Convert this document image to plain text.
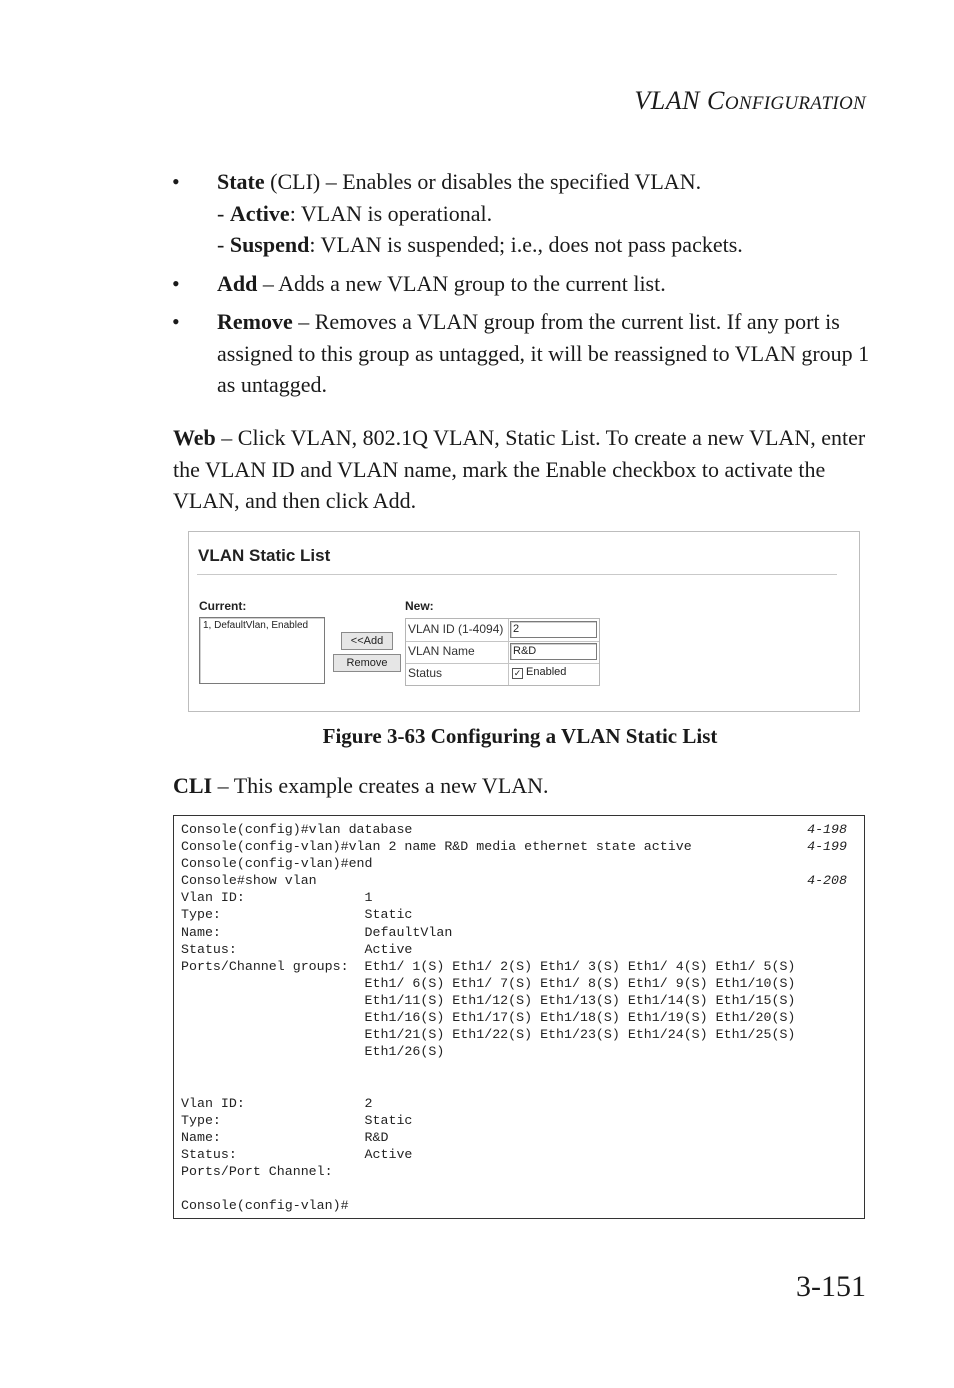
VLAN CONFIGURATION
• State (CLI) – Enables or disables the specified VLAN.
- Active: VLAN is operational.
- Suspend: VLAN is suspended; i.e., does not pass packets.
• Add – Adds a new VLAN group to the current list.
• Remove – Removes a VLAN group from the current list. If any port is assigned to this group as untagged, it will be reassigned to VLAN group 1 as untagged.
Web – Click VLAN, 802.1Q VLAN, Static List. To create a new VLAN, enter the VLAN ID and VLAN name, mark the Enable checkbox to activate the VLAN, and then click Add.
VLAN Static List
Current:
1, DefaultVlan, Enabled
<<Add
Remove
New:
VLAN ID (1-4094) 2
VLAN Name	R&D
Status	✓ Enabled
Figure 3-63 Configuring a VLAN Static List
CLI – This example creates a new VLAN.
Console(config)#vlan database	4-198
Console(config-vlan)#vlan 2 name R&D media ethernet state active	4-199
Console(config-vlan)#end
Console#show vlan	4-208
Vlan ID:               1
Type:                  Static
Name:                  DefaultVlan
Status:                Active
Ports/Channel groups:  Eth1/ 1(S) Eth1/ 2(S) Eth1/ 3(S) Eth1/ 4(S) Eth1/ 5(S)
Eth1/ 6(S) Eth1/ 7(S) Eth1/ 8(S) Eth1/ 9(S) Eth1/10(S)
Eth1/11(S) Eth1/12(S) Eth1/13(S) Eth1/14(S) Eth1/15(S)
Eth1/16(S) Eth1/17(S) Eth1/18(S) Eth1/19(S) Eth1/20(S)
Eth1/21(S) Eth1/22(S) Eth1/23(S) Eth1/24(S) Eth1/25(S)
Eth1/26(S)
Vlan ID:               2
Type:                  Static
Name:                  R&D
Status:                Active
Ports/Port Channel:
Console(config-vlan)#
3-151
